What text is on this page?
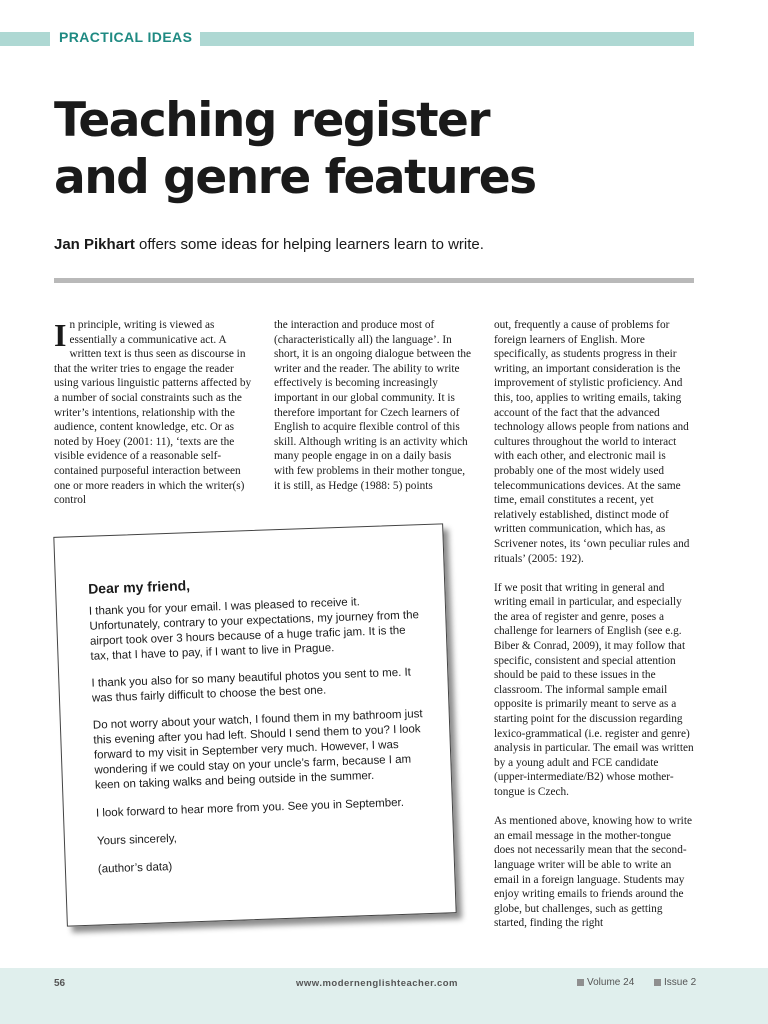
PRACTICAL IDEAS
Teaching register
and genre features
Jan Pikhart offers some ideas for helping learners learn to write.

In principle, writing is viewed as essentially a communicative act. A written text is thus seen as discourse in that the writer tries to engage the reader using various linguistic patterns affected by a number of social constraints such as the writer’s intentions, relationship with the audience, content knowledge, etc. Or as noted by Hoey (2001: 11), ‘texts are the visible evidence of a reasonable self-contained purposeful interaction between one or more readers in which the writer(s) control

the interaction and produce most of (characteristically all) the language’. In short, it is an ongoing dialogue between the writer and the reader. The ability to write effectively is becoming increasingly important in our global community. It is therefore important for Czech learners of English to acquire flexible control of this skill. Although writing is an activity which many people engage in on a daily basis with few problems in their mother tongue, it is still, as Hedge (1988: 5) points

out, frequently a cause of problems for foreign learners of English. More specifically, as students progress in their writing, an important consideration is the improvement of stylistic proficiency. And this, too, applies to writing emails, taking account of the fact that the advanced technology allows people from nations and cultures throughout the world to interact with each other, and electronic mail is probably one of the most widely used telecommunications devices. At the same time, email constitutes a recent, yet relatively established, distinct mode of written communication, which has, as Scrivener notes, its ‘own peculiar rules and rituals’ (2005: 192).

If we posit that writing in general and writing email in particular, and especially the area of register and genre, poses a challenge for learners of English (see e.g. Biber & Conrad, 2009), it may follow that specific, consistent and special attention should be paid to these issues in the classroom. The informal sample email opposite is primarily meant to serve as a starting point for the discussion regarding lexico-grammatical (i.e. register and genre) analysis in particular. The email was written by a young adult and FCE candidate (upper-intermediate/B2) whose mother-tongue is Czech.

As mentioned above, knowing how to write an email message in the mother-tongue does not necessarily mean that the second-language writer will be able to write an email in a foreign language. Students may enjoy writing emails to friends around the globe, but challenges, such as getting started, finding the right

Dear my friend,

I thank you for your email. I was pleased to receive it. Unfortunately, contrary to your expectations, my journey from the airport took over 3 hours because of a huge trafic jam. It is the tax, that I have to pay, if I want to live in Prague.

I thank you also for so many beautiful photos you sent to me. It was thus fairly difficult to choose the best one.

Do not worry about your watch, I found them in my bathroom just this evening after you had left. Should I send them to you? I look forward to my visit in September very much. However, I was wondering if we could stay on your uncle’s farm, because I am keen on taking walks and being outside in the summer.

I look forward to hear more from you. See you in September.

Yours sincerely,

(author’s data)

56	www.modernenglishteacher.com	Volume 24	Issue 2
